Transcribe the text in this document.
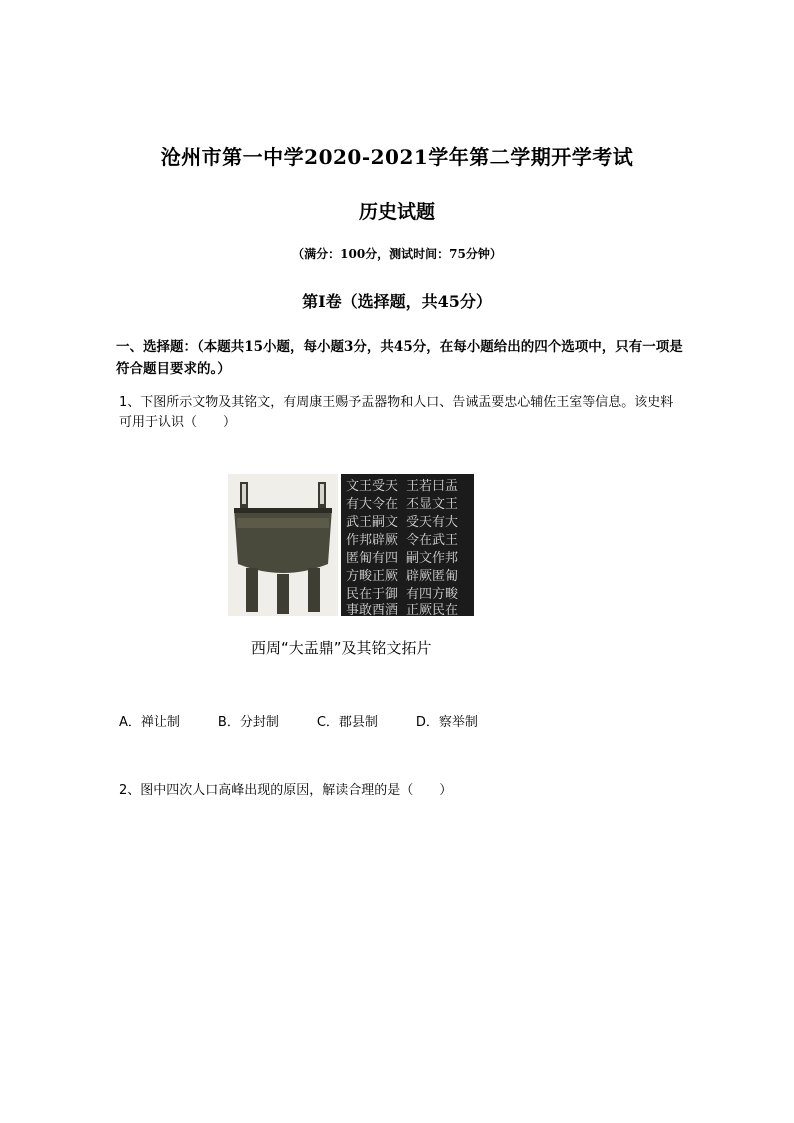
沧州市第一中学2020-2021学年第二学期开学考试
历史试题
（满分：100分，测试时间：75分钟）
第Ⅰ卷（选择题，共45分）
一、选择题：（本题共15小题，每小题3分，共45分，在每小题给出的四个选项中，只有一项是符合题目要求的。）
1、下图所示文物及其铭文，有周康王赐予盂器物和人口、告诫盂要忠心辅佐王室等信息。该史料可用于认识（　　）
文王受天
有大令在
武王嗣文
作邦辟厥
匿匍有四
方畯正厥
民在于御
事敢酉酒
王若曰盂
丕显文王
受天有大
令在武王
嗣文作邦
辟厥匿匍
有四方畯
正厥民在
西周“大盂鼎”及其铭文拓片
A．禅让制	B．分封制	C．郡县制	D．察举制
2、图中四次人口高峰出现的原因，解读合理的是（　　）
